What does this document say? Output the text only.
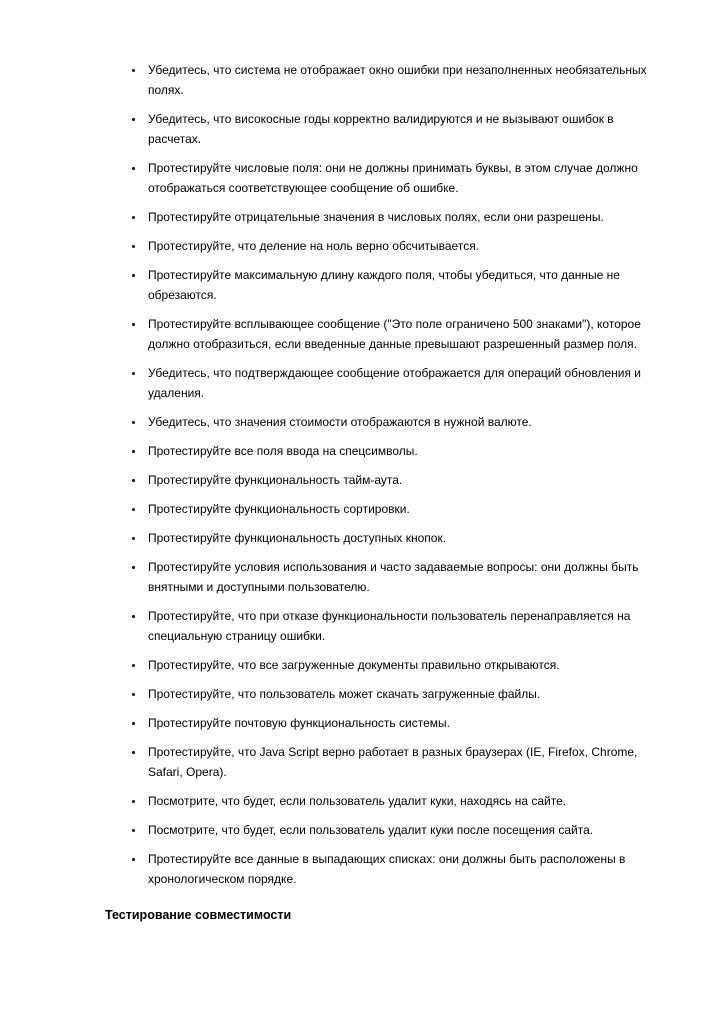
• Убедитесь, что система не отображает окно ошибки при незаполненных необязательных полях.
• Убедитесь, что високосные годы корректно валидируются и не вызывают ошибок в расчетах.
• Протестируйте числовые поля: они не должны принимать буквы, в этом случае должно отображаться соответствующее сообщение об ошибке.
• Протестируйте отрицательные значения в числовых полях, если они разрешены.
• Протестируйте, что деление на ноль верно обсчитывается.
• Протестируйте максимальную длину каждого поля, чтобы убедиться, что данные не обрезаются.
• Протестируйте всплывающее сообщение ("Это поле ограничено 500 знаками"), которое должно отобразиться, если введенные данные превышают разрешенный размер поля.
• Убедитесь, что подтверждающее сообщение отображается для операций обновления и удаления.
• Убедитесь, что значения стоимости отображаются в нужной валюте.
• Протестируйте все поля ввода на спецсимволы.
• Протестируйте функциональность тайм-аута.
• Протестируйте функциональность сортировки.
• Протестируйте функциональность доступных кнопок.
• Протестируйте условия использования и часто задаваемые вопросы: они должны быть внятными и доступными пользователю.
• Протестируйте, что при отказе функциональности пользователь перенаправляется на специальную страницу ошибки.
• Протестируйте, что все загруженные документы правильно открываются.
• Протестируйте, что пользователь может скачать загруженные файлы.
• Протестируйте почтовую функциональность системы.
• Протестируйте, что Java Script верно работает в разных браузерах (IE, Firefox, Chrome, Safari, Opera).
• Посмотрите, что будет, если пользователь удалит куки, находясь на сайте.
• Посмотрите, что будет, если пользователь удалит куки после посещения сайта.
• Протестируйте все данные в выпадающих списках: они должны быть расположены в хронологическом порядке.
Тестирование совместимости
